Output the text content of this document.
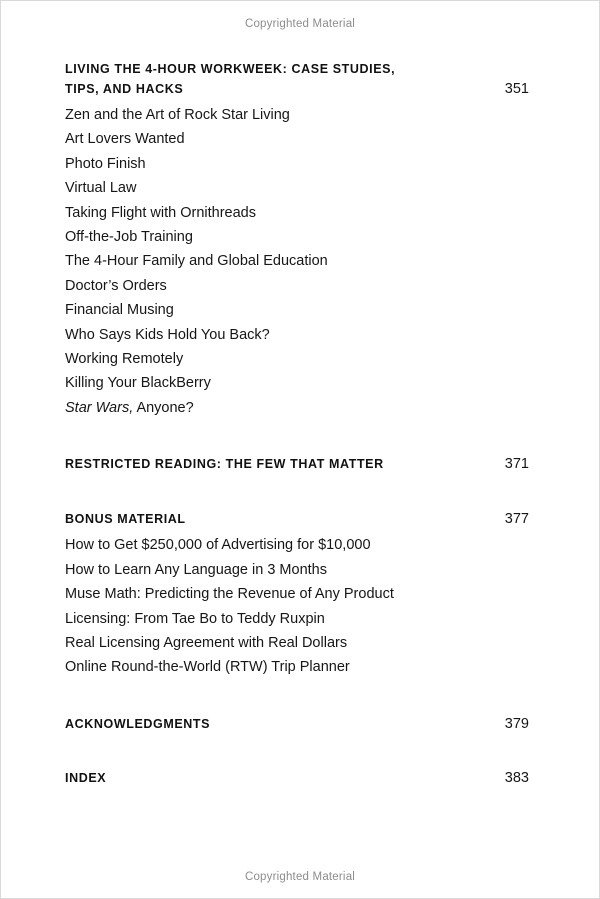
Copyrighted Material
LIVING THE 4-HOUR WORKWEEK: CASE STUDIES,
TIPS, AND HACKS	351
Zen and the Art of Rock Star Living
Art Lovers Wanted
Photo Finish
Virtual Law
Taking Flight with Ornithreads
Off-the-Job Training
The 4-Hour Family and Global Education
Doctor’s Orders
Financial Musing
Who Says Kids Hold You Back?
Working Remotely
Killing Your BlackBerry
Star Wars, Anyone?
RESTRICTED READING: THE FEW THAT MATTER	371
BONUS MATERIAL	377
How to Get $250,000 of Advertising for $10,000
How to Learn Any Language in 3 Months
Muse Math: Predicting the Revenue of Any Product
Licensing: From Tae Bo to Teddy Ruxpin
Real Licensing Agreement with Real Dollars
Online Round-the-World (RTW) Trip Planner
ACKNOWLEDGMENTS	379
INDEX	383
Copyrighted Material
